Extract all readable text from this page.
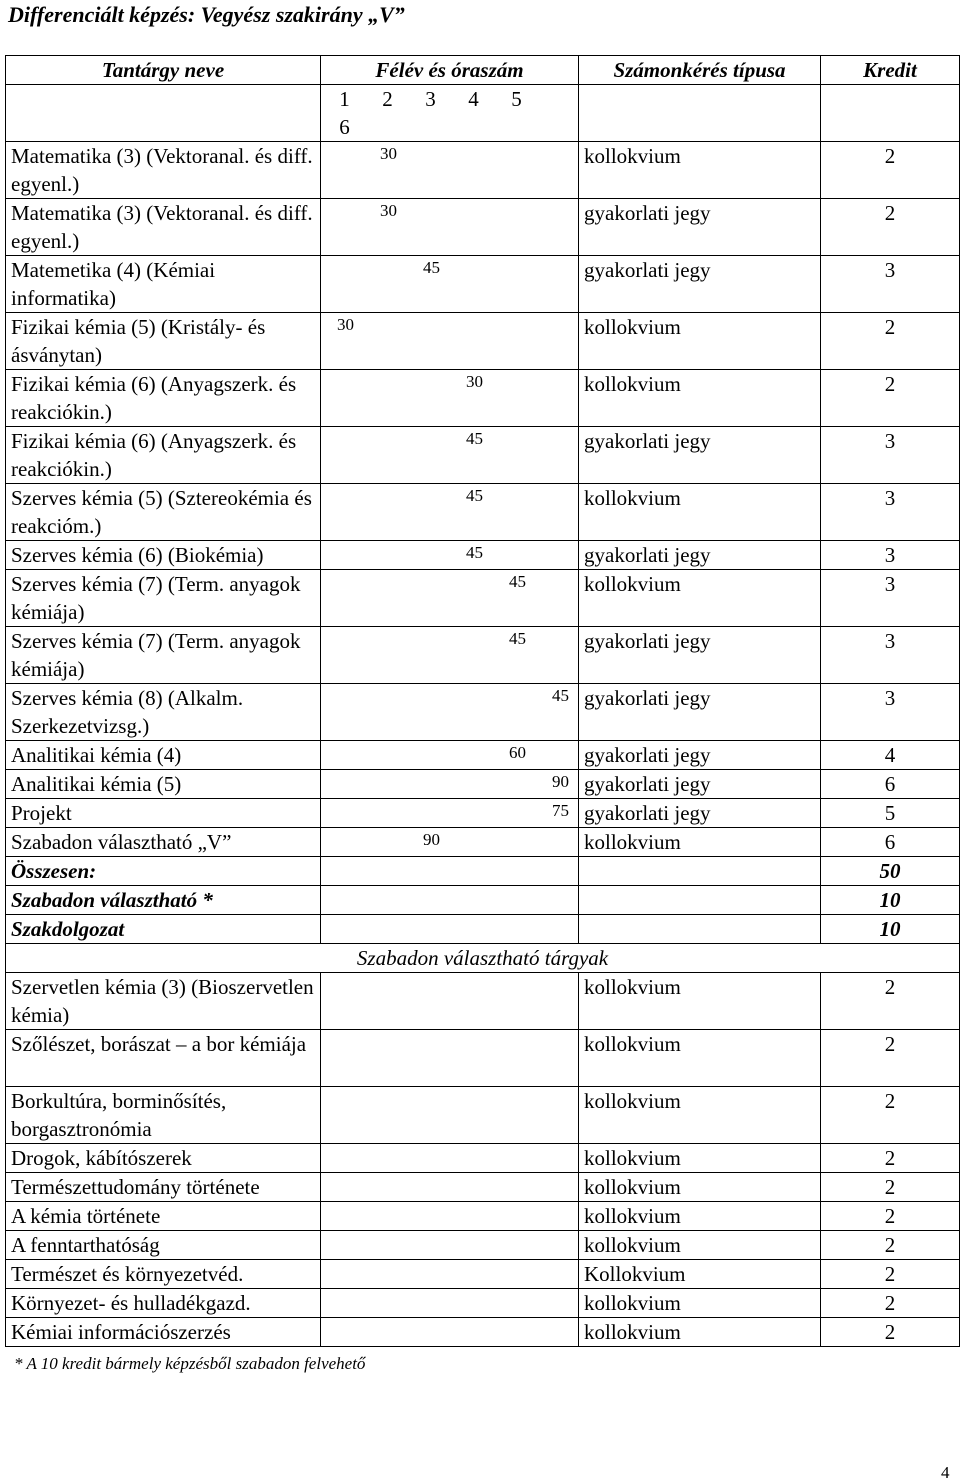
Differenciált képzés: Vegyész szakirány „V”
Tantárgy neve	Félév és óraszám	Számonkérés típusa	Kredit
	1 2 3 4 56		
Matematika (3) (Vektoranal. és diff. egyenl.)	30	kollokvium	2
Matematika (3) (Vektoranal. és diff. egyenl.)	30	gyakorlati jegy	2
Matemetika (4) (Kémiai informatika)	45	gyakorlati jegy	3
Fizikai kémia (5) (Kristály- és ásványtan)	30	kollokvium	2
Fizikai kémia (6) (Anyagszerk. és reakciókin.)	30	kollokvium	2
Fizikai kémia (6) (Anyagszerk. és reakciókin.)	45	gyakorlati jegy	3
Szerves kémia (5) (Sztereokémia és reakcióm.)	45	kollokvium	3
Szerves kémia (6) (Biokémia)	45	gyakorlati jegy	3
Szerves kémia (7) (Term. anyagok kémiája)	45	kollokvium	3
Szerves kémia (7) (Term. anyagok kémiája)	45	gyakorlati jegy	3
Szerves kémia (8) (Alkalm. Szerkezetvizsg.)	45	gyakorlati jegy	3
Analitikai kémia (4)	60	gyakorlati jegy	4
Analitikai kémia (5)	90	gyakorlati jegy	6
Projekt	75	gyakorlati jegy	5
Szabadon választható „V”	90	kollokvium	6
Összesen:			50
Szabadon választható *			10
Szakdolgozat			10
Szabadon választható tárgyak			
Szervetlen kémia (3) (Bioszervetlen kémia)		kollokvium	2
Szőlészet, borászat – a bor kémiája		kollokvium	2
Borkultúra, borminősítés, borgasztronómia		kollokvium	2
Drogok, kábítószerek		kollokvium	2
Természettudomány története		kollokvium	2
A kémia története		kollokvium	2
A fenntarthatóság		kollokvium	2
Természet és környezetvéd.		Kollokvium	2
Környezet- és hulladékgazd.		kollokvium	2
Kémiai információszerzés		kollokvium	2
* A 10 kredit bármely képzésből szabadon felvehető
4
